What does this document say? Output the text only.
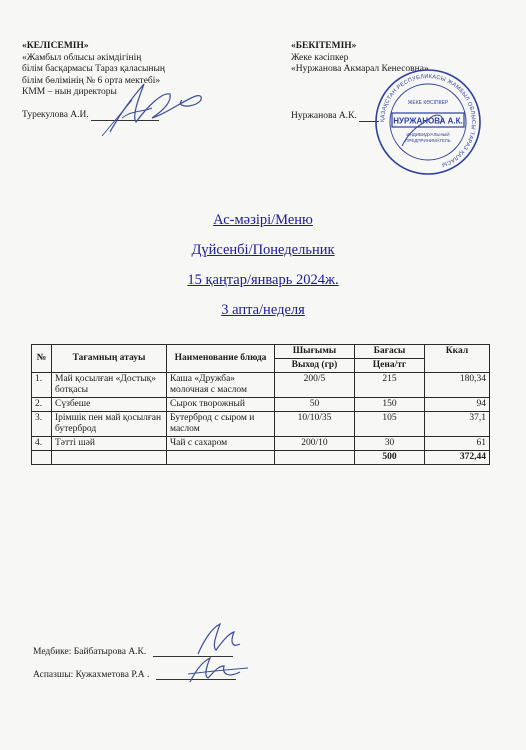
«КЕЛІСЕМІН»
«Жамбыл облысы әкімдігінің
білім басқармасы Тараз қаласының
білім бөлімінің № 6 орта мектебі»
КММ – нын директоры
Турекулова А.И.
«БЕКІТЕМІН»
Жеке кәсіпкер
«Нуржанова Акмарал Кенесовна»
Нуржанова А.К.	ҚАЗАҚСТАН РЕСПУБЛИКАСЫ ЖАМБЫЛ ОБЛЫСЫ ТАРАЗ ҚАЛАСЫ
ЖЕКЕ КӘСІПКЕР
НУРЖАНОВА А.К.
ИНДИВИДУАЛЬНЫЙ
ПРЕДПРИНИМАТЕЛЬ
Ас-мәзірі/Меню
Дүйсенбі/Понедельник
15 қаңтар/январь 2024ж.
3 апта/неделя
№	Тағамның атауы	Наименование блюда	Шығымы	Бағасы	Ккал
			Выход (гр)	Цена/тг	
1.	Май қосылған «Достық» ботқасы	Каша «Дружба» молочная с маслом	200/5	215	180,34
2.	Сүзбеше	Сырок творожный	50	150	94
3.	Ірімшік пен май қосылған бутерброд	Бутерброд с сыром и маслом	10/10/35	105	37,1
4.	Тәтті шәй	Чай с сахаром	200/10	30	61
				500	372,44
Медбике: Байбатырова А.К.
Аспазшы: Кужахметова Р.А .
